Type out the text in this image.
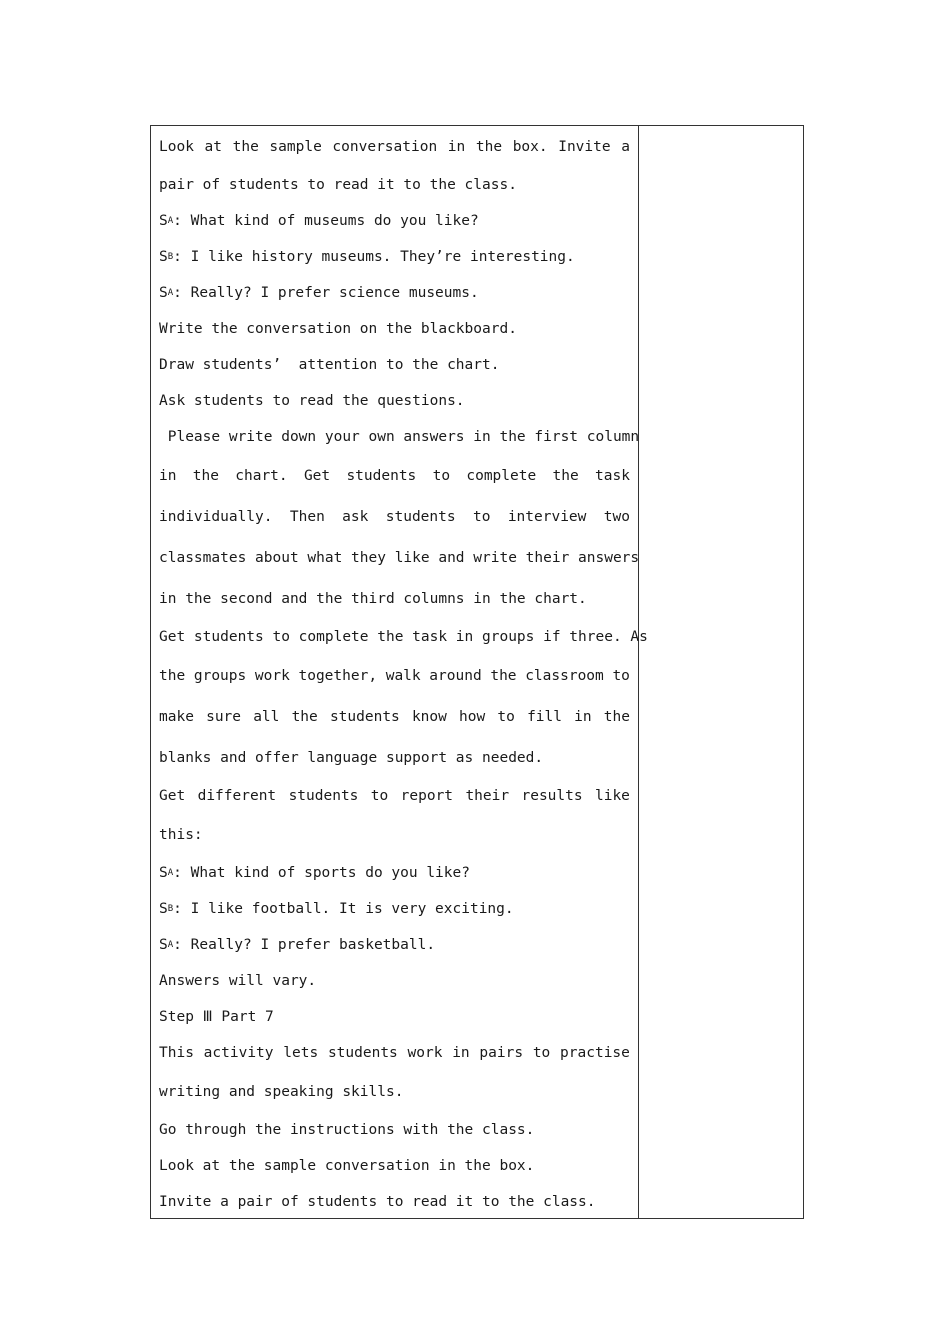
Look at the sample conversation in the box. Invite a
pair of students to read it to the class.
S A : What kind of museums do you like?
S B : I like history museums. They’re interesting.
S A : Really? I prefer science museums.
Write the conversation on the blackboard.
Draw students’  attention to the chart.
Ask students to read the questions.
Please write down your own answers in the first column
in the chart. Get students to complete the task
individually. Then ask students to interview two
classmates about what they like and write their answers
in the second and the third columns in the chart.
Get students to complete the task in groups if three. As
the groups work together, walk around the classroom to
make sure all the students know how to fill in the
blanks and offer language support as needed.
Get different students to report their results like
this:
S A : What kind of sports do you like?
S B : I like football. It is very exciting.
S A : Really? I prefer basketball.
Answers will vary.
Step Ⅲ Part 7
This activity lets students work in pairs to practise
writing and speaking skills.
Go through the instructions with the class.
Look at the sample conversation in the box.
Invite a pair of students to read it to the class.
